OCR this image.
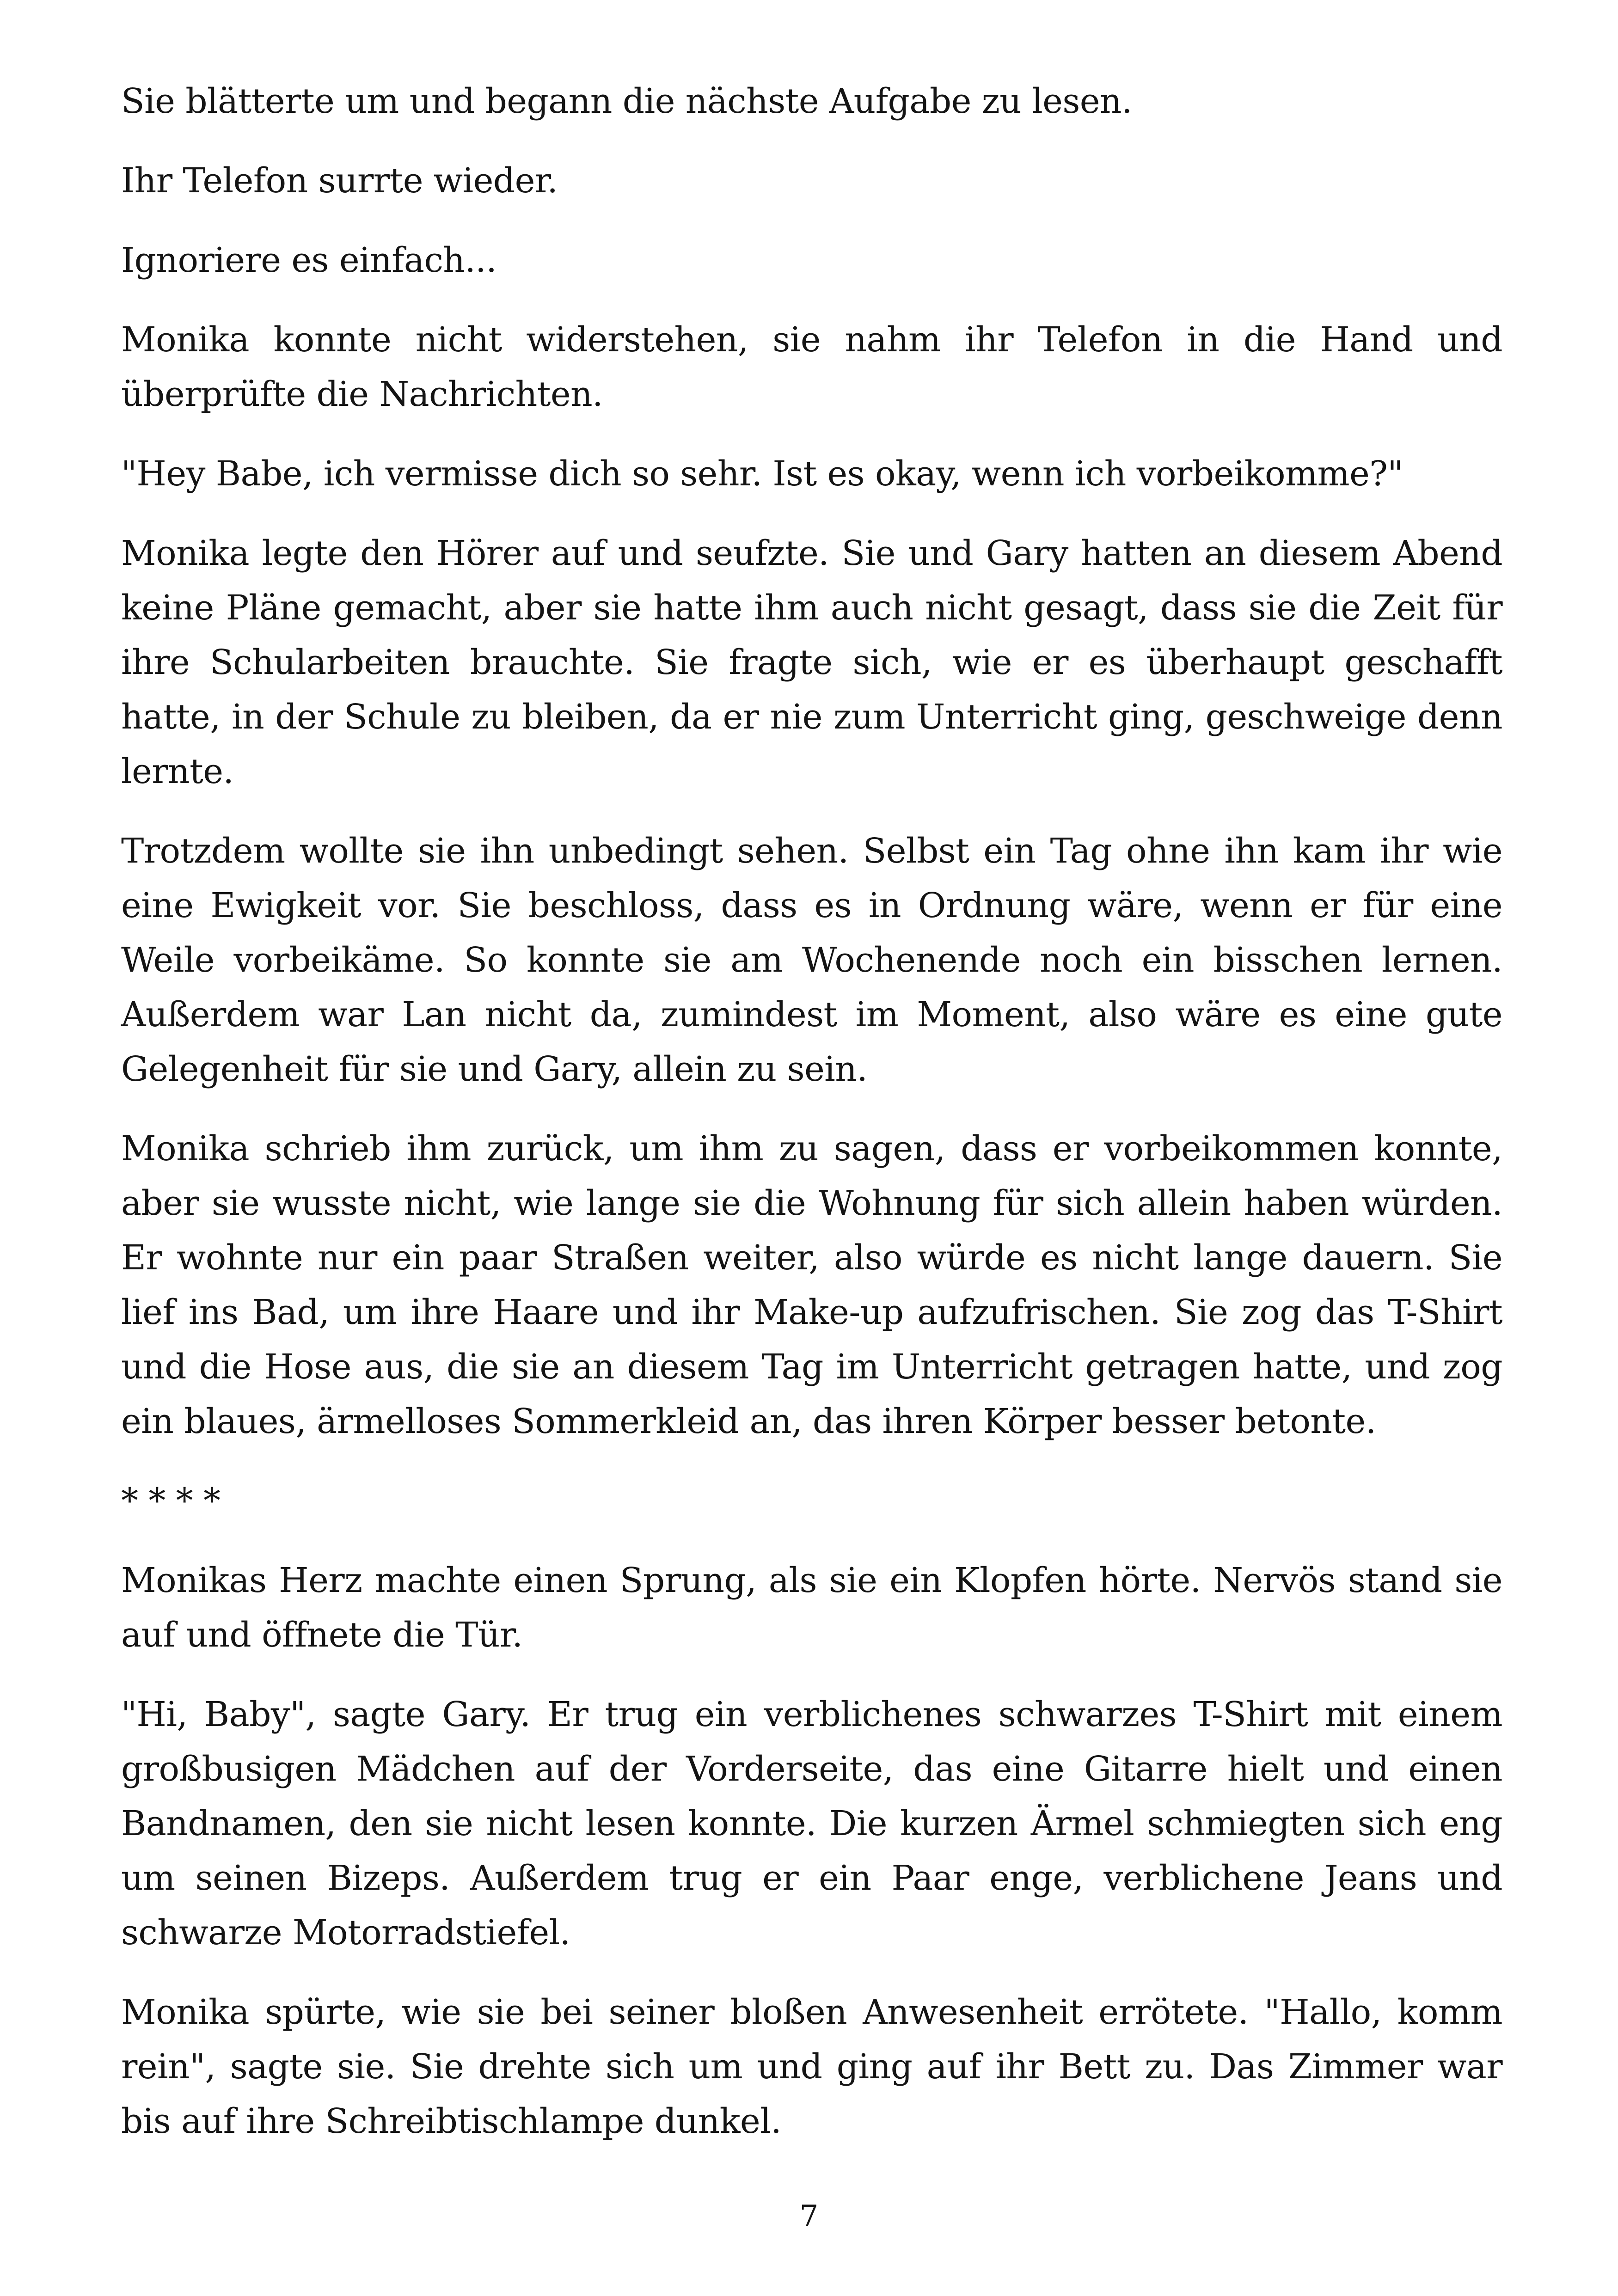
Sie blätterte um und begann die nächste Aufgabe zu lesen.

Ihr Telefon surrte wieder.

Ignoriere es einfach...

Monika konnte nicht widerstehen, sie nahm ihr Telefon in die Hand und überprüfte die Nachrichten.

"Hey Babe, ich vermisse dich so sehr. Ist es okay, wenn ich vorbeikomme?"

Monika legte den Hörer auf und seufzte. Sie und Gary hatten an diesem Abend keine Pläne gemacht, aber sie hatte ihm auch nicht gesagt, dass sie die Zeit für ihre Schularbeiten brauchte. Sie fragte sich, wie er es überhaupt geschafft hatte, in der Schule zu bleiben, da er nie zum Unterricht ging, geschweige denn lernte.

Trotzdem wollte sie ihn unbedingt sehen. Selbst ein Tag ohne ihn kam ihr wie eine Ewigkeit vor. Sie beschloss, dass es in Ordnung wäre, wenn er für eine Weile vorbeikäme. So konnte sie am Wochenende noch ein bisschen lernen. Außerdem war Lan nicht da, zumindest im Moment, also wäre es eine gute Gelegenheit für sie und Gary, allein zu sein.

Monika schrieb ihm zurück, um ihm zu sagen, dass er vorbeikommen konnte, aber sie wusste nicht, wie lange sie die Wohnung für sich allein haben würden. Er wohnte nur ein paar Straßen weiter, also würde es nicht lange dauern. Sie lief ins Bad, um ihre Haare und ihr Make-up aufzufrischen. Sie zog das T-Shirt und die Hose aus, die sie an diesem Tag im Unterricht getragen hatte, und zog ein blaues, ärmelloses Sommerkleid an, das ihren Körper besser betonte.

* * * *

Monikas Herz machte einen Sprung, als sie ein Klopfen hörte. Nervös stand sie auf und öffnete die Tür.

"Hi, Baby", sagte Gary. Er trug ein verblichenes schwarzes T-Shirt mit einem großbusigen Mädchen auf der Vorderseite, das eine Gitarre hielt und einen Bandnamen, den sie nicht lesen konnte. Die kurzen Ärmel schmiegten sich eng um seinen Bizeps. Außerdem trug er ein Paar enge, verblichene Jeans und schwarze Motorradstiefel.

Monika spürte, wie sie bei seiner bloßen Anwesenheit errötete. "Hallo, komm rein", sagte sie. Sie drehte sich um und ging auf ihr Bett zu. Das Zimmer war bis auf ihre Schreibtischlampe dunkel.

7
